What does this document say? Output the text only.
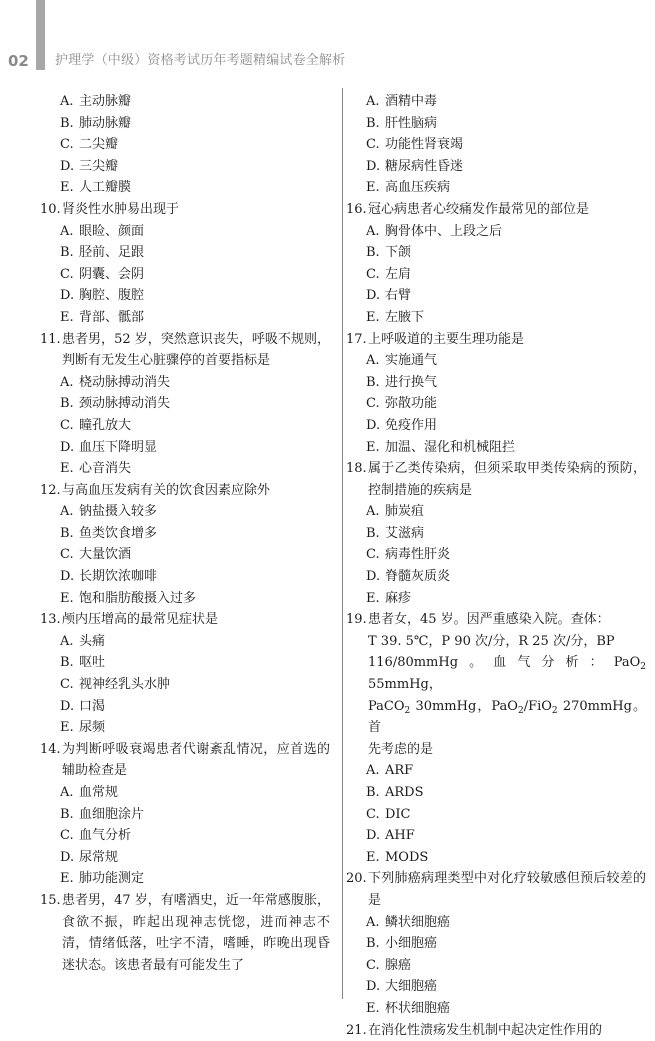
02 护理学（中级）资格考试历年考题精编试卷全解析
A. 主动脉瓣
B. 肺动脉瓣
C. 二尖瓣
D. 三尖瓣
E. 人工瓣膜
10. 肾炎性水肿易出现于
A. 眼睑、颜面
B. 胫前、足跟
C. 阴囊、会阴
D. 胸腔、腹腔
E. 背部、骶部
11. 患者男，52 岁，突然意识丧失，呼吸不规则，判断有无发生心脏骤停的首要指标是
A. 桡动脉搏动消失
B. 颈动脉搏动消失
C. 瞳孔放大
D. 血压下降明显
E. 心音消失
12. 与高血压发病有关的饮食因素应除外
A. 钠盐摄入较多
B. 鱼类饮食增多
C. 大量饮酒
D. 长期饮浓咖啡
E. 饱和脂肪酸摄入过多
13. 颅内压增高的最常见症状是
A. 头痛
B. 呕吐
C. 视神经乳头水肿
D. 口渴
E. 尿频
14. 为判断呼吸衰竭患者代谢紊乱情况，应首选的辅助检查是
A. 血常规
B. 血细胞涂片
C. 血气分析
D. 尿常规
E. 肺功能测定
15. 患者男，47 岁，有嗜酒史，近一年常感腹胀，食欲不振，昨起出现神志恍惚，进而神志不清，情绪低落，吐字不清，嗜睡，昨晚出现昏迷状态。该患者最有可能发生了
A. 酒精中毒
B. 肝性脑病
C. 功能性肾衰竭
D. 糖尿病性昏迷
E. 高血压疾病
16. 冠心病患者心绞痛发作最常见的部位是
A. 胸骨体中、上段之后
B. 下颌
C. 左肩
D. 右臂
E. 左腋下
17. 上呼吸道的主要生理功能是
A. 实施通气
B. 进行换气
C. 弥散功能
D. 免疫作用
E. 加温、湿化和机械阻拦
18. 属于乙类传染病，但须采取甲类传染病的预防，控制措施的疾病是
A. 肺炭疽
B. 艾滋病
C. 病毒性肝炎
D. 脊髓灰质炎
E. 麻疹
19. 患者女，45 岁。因严重感染入院。查体：
T 39. 5℃，P 90 次/分，R 25 次/分，BP
116/80mmHg。血气分析：PaO$_2$ 55mmHg，
PaCO$_2$ 30mmHg，PaO$_2$/FiO$_2$ 270mmHg。首
先考虑的是
A. ARF
B. ARDS
C. DIC
D. AHF
E. MODS
20. 下列肺癌病理类型中对化疗较敏感但预后较差的是
A. 鳞状细胞癌
B. 小细胞癌
C. 腺癌
D. 大细胞癌
E. 杯状细胞癌
21. 在消化性溃疡发生机制中起决定性作用的
